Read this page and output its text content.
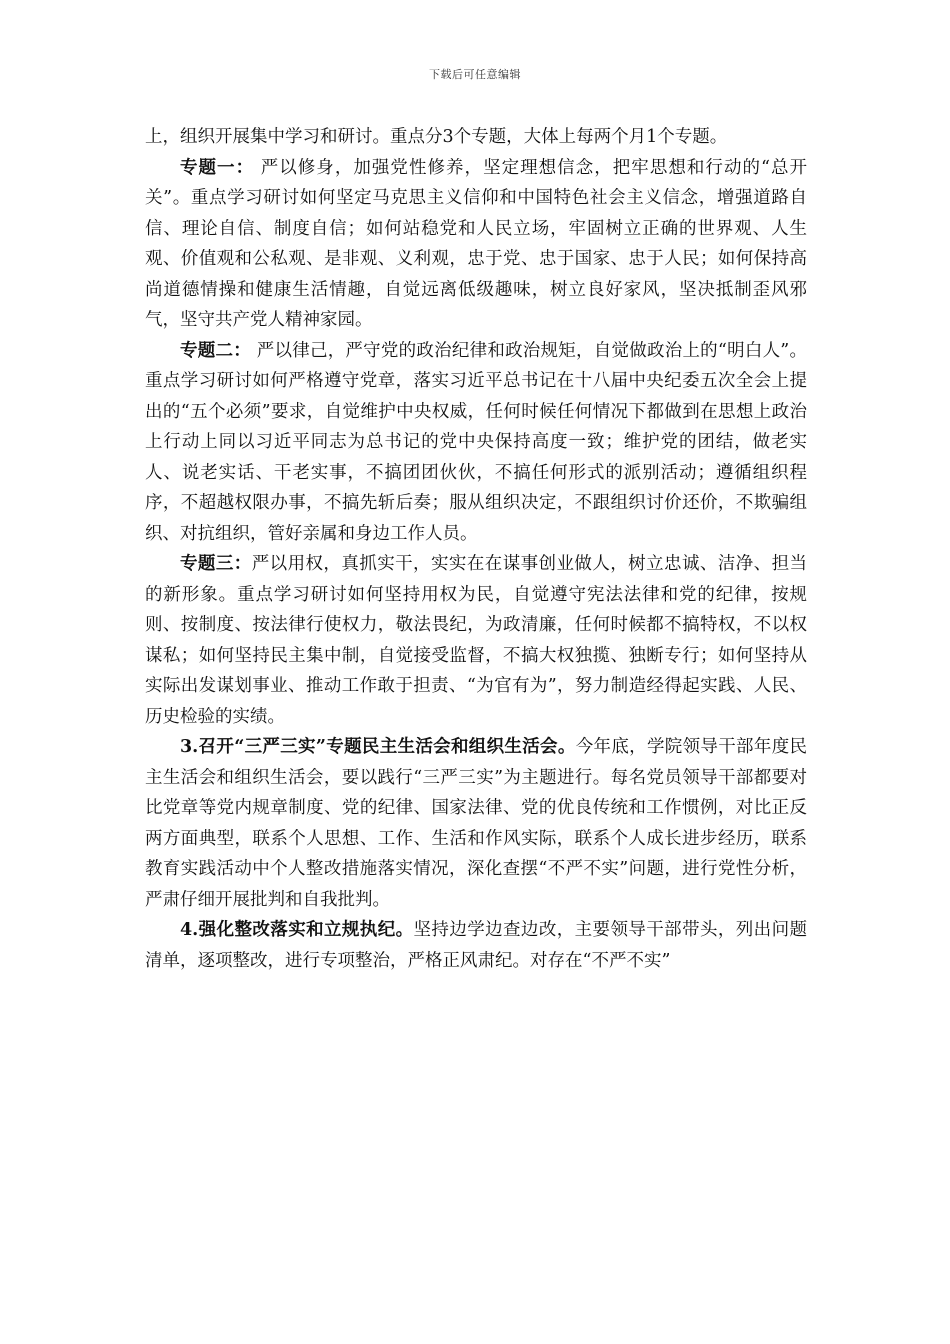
下载后可任意编辑

上，组织开展集中学习和研讨。重点分3个专题，大体上每两个月1个专题。

专题一： 严以修身，加强党性修养，坚定理想信念，把牢思想和行动的“总开关”。重点学习研讨如何坚定马克思主义信仰和中国特色社会主义信念，增强道路自信、理论自信、制度自信；如何站稳党和人民立场，牢固树立正确的世界观、人生观、价值观和公私观、是非观、义利观，忠于党、忠于国家、忠于人民；如何保持高尚道德情操和健康生活情趣，自觉远离低级趣味，树立良好家风，坚决抵制歪风邪气，坚守共产党人精神家园。

专题二： 严以律己，严守党的政治纪律和政治规矩，自觉做政治上的“明白人”。重点学习研讨如何严格遵守党章，落实习近平总书记在十八届中央纪委五次全会上提出的“五个必须”要求，自觉维护中央权威，任何时候任何情况下都做到在思想上政治上行动上同以习近平同志为总书记的党中央保持高度一致；维护党的团结，做老实人、说老实话、干老实事，不搞团团伙伙，不搞任何形式的派别活动；遵循组织程序，不超越权限办事，不搞先斩后奏；服从组织决定，不跟组织讨价还价，不欺骗组织、对抗组织，管好亲属和身边工作人员。

专题三：严以用权，真抓实干，实实在在谋事创业做人，树立忠诚、洁净、担当的新形象。重点学习研讨如何坚持用权为民，自觉遵守宪法法律和党的纪律，按规则、按制度、按法律行使权力，敬法畏纪，为政清廉，任何时候都不搞特权，不以权谋私；如何坚持民主集中制，自觉接受监督，不搞大权独揽、独断专行；如何坚持从实际出发谋划事业、推动工作敢于担责、“为官有为”，努力制造经得起实践、人民、历史检验的实绩。

3.召开“三严三实”专题民主生活会和组织生活会。今年底，学院领导干部年度民主生活会和组织生活会，要以践行“三严三实”为主题进行。每名党员领导干部都要对比党章等党内规章制度、党的纪律、国家法律、党的优良传统和工作惯例，对比正反两方面典型，联系个人思想、工作、生活和作风实际，联系个人成长进步经历，联系教育实践活动中个人整改措施落实情况，深化查摆“不严不实”问题，进行党性分析，严肃仔细开展批判和自我批判。

4.强化整改落实和立规执纪。坚持边学边查边改，主要领导干部带头，列出问题清单，逐项整改，进行专项整治，严格正风肃纪。对存在“不严不实”
